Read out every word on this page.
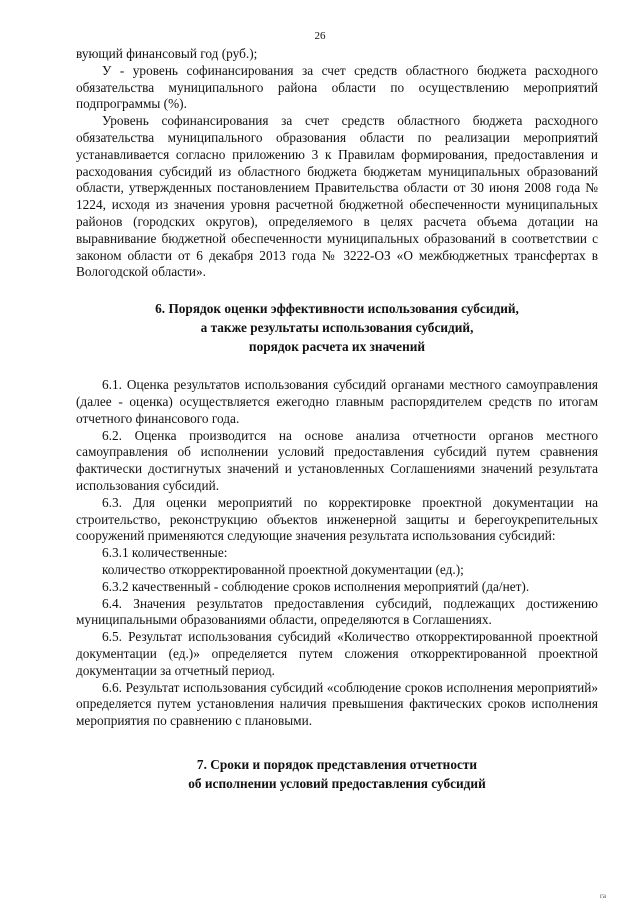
26

вующий финансовый год (руб.);

У - уровень софинансирования за счет средств областного бюджета расходного обязательства муниципального района области по осуществлению мероприятий подпрограммы (%).

Уровень софинансирования за счет средств областного бюджета расходного обязательства муниципального образования области по реализации мероприятий устанавливается согласно приложению 3 к Правилам формирования, предоставления и расходования субсидий из областного бюджета бюджетам муниципальных образований области, утвержденных постановлением Правительства области от 30 июня 2008 года № 1224, исходя из значения уровня расчетной бюджетной обеспеченности муниципальных районов (городских округов), определяемого в целях расчета объема дотации на выравнивание бюджетной обеспеченности муниципальных образований в соответствии с законом области от 6 декабря 2013 года № 3222-ОЗ «О межбюджетных трансфертах в Вологодской области».

6. Порядок оценки эффективности использования субсидий,
а также результаты использования субсидий,
порядок расчета их значений

6.1. Оценка результатов использования субсидий органами местного самоуправления (далее - оценка) осуществляется ежегодно главным распорядителем средств по итогам отчетного финансового года.

6.2. Оценка производится на основе анализа отчетности органов местного самоуправления об исполнении условий предоставления субсидий путем сравнения фактически достигнутых значений и установленных Соглашениями значений результата использования субсидий.

6.3. Для оценки мероприятий по корректировке проектной документации на строительство, реконструкцию объектов инженерной защиты и берегоукрепительных сооружений применяются следующие значения результата использования субсидий:

6.3.1 количественные:

количество откорректированной проектной документации (ед.);

6.3.2 качественный - соблюдение сроков исполнения мероприятий (да/нет).

6.4. Значения результатов предоставления субсидий, подлежащих достижению муниципальными образованиями области, определяются в Соглашениях.

6.5. Результат использования субсидий «Количество откорректированной проектной документации (ед.)» определяется путем сложения откорректированной проектной документации за отчетный период.

6.6. Результат использования субсидий «соблюдение сроков исполнения мероприятий» определяется путем установления наличия превышения фактических сроков исполнения мероприятия по сравнению с плановыми.

7. Сроки и порядок представления отчетности
об исполнении условий предоставления субсидий
га
